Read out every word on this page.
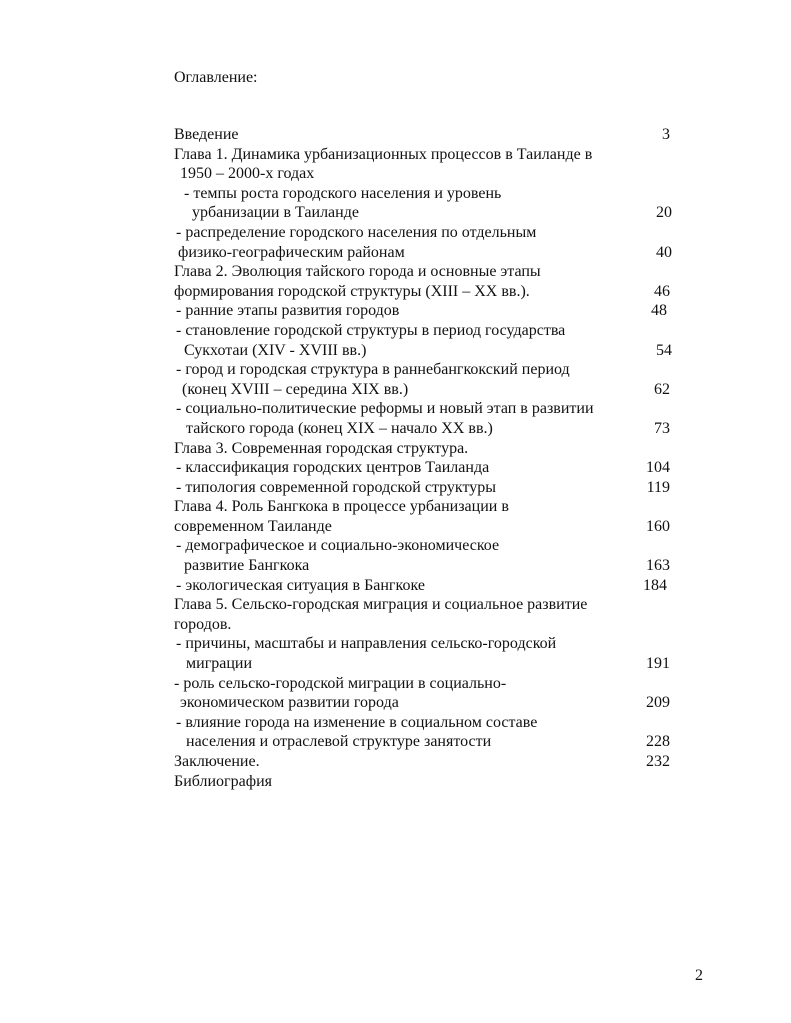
Оглавление:
Введение	3
Глава 1. Динамика урбанизационных процессов в Таиланде в
1950 – 2000-х годах
- темпы роста городского населения и уровень
урбанизации в Таиланде	20
- распределение городского населения по отдельным
физико-географическим районам	40
Глава 2. Эволюция тайского города и основные этапы
формирования городской структуры (XIII – XX вв.).	46
- ранние этапы развития городов	48
- становление городской структуры в период государства
Сукхотаи (XIV - XVIII вв.)	54
- город и городская структура в раннебангкокский период
(конец XVIII – середина XIX вв.)	62
- социально-политические реформы и новый этап в развитии
тайского города (конец XIX – начало XX вв.)	73
Глава 3. Современная городская структура.
- классификация городских центров Таиланда	104
- типология современной городской структуры	119
Глава 4. Роль Бангкока в процессе урбанизации в
современном Таиланде	160
- демографическое и социально-экономическое
развитие Бангкока	163
- экологическая ситуация в Бангкоке	184
Глава 5. Сельско-городская миграция и социальное развитие
городов.
- причины, масштабы и направления сельско-городской
миграции	191
- роль сельско-городской миграции в социально-
экономическом развитии города	209
- влияние города на изменение в социальном составе
населения и отраслевой структуре занятости	228
Заключение.	232
Библиография
2
